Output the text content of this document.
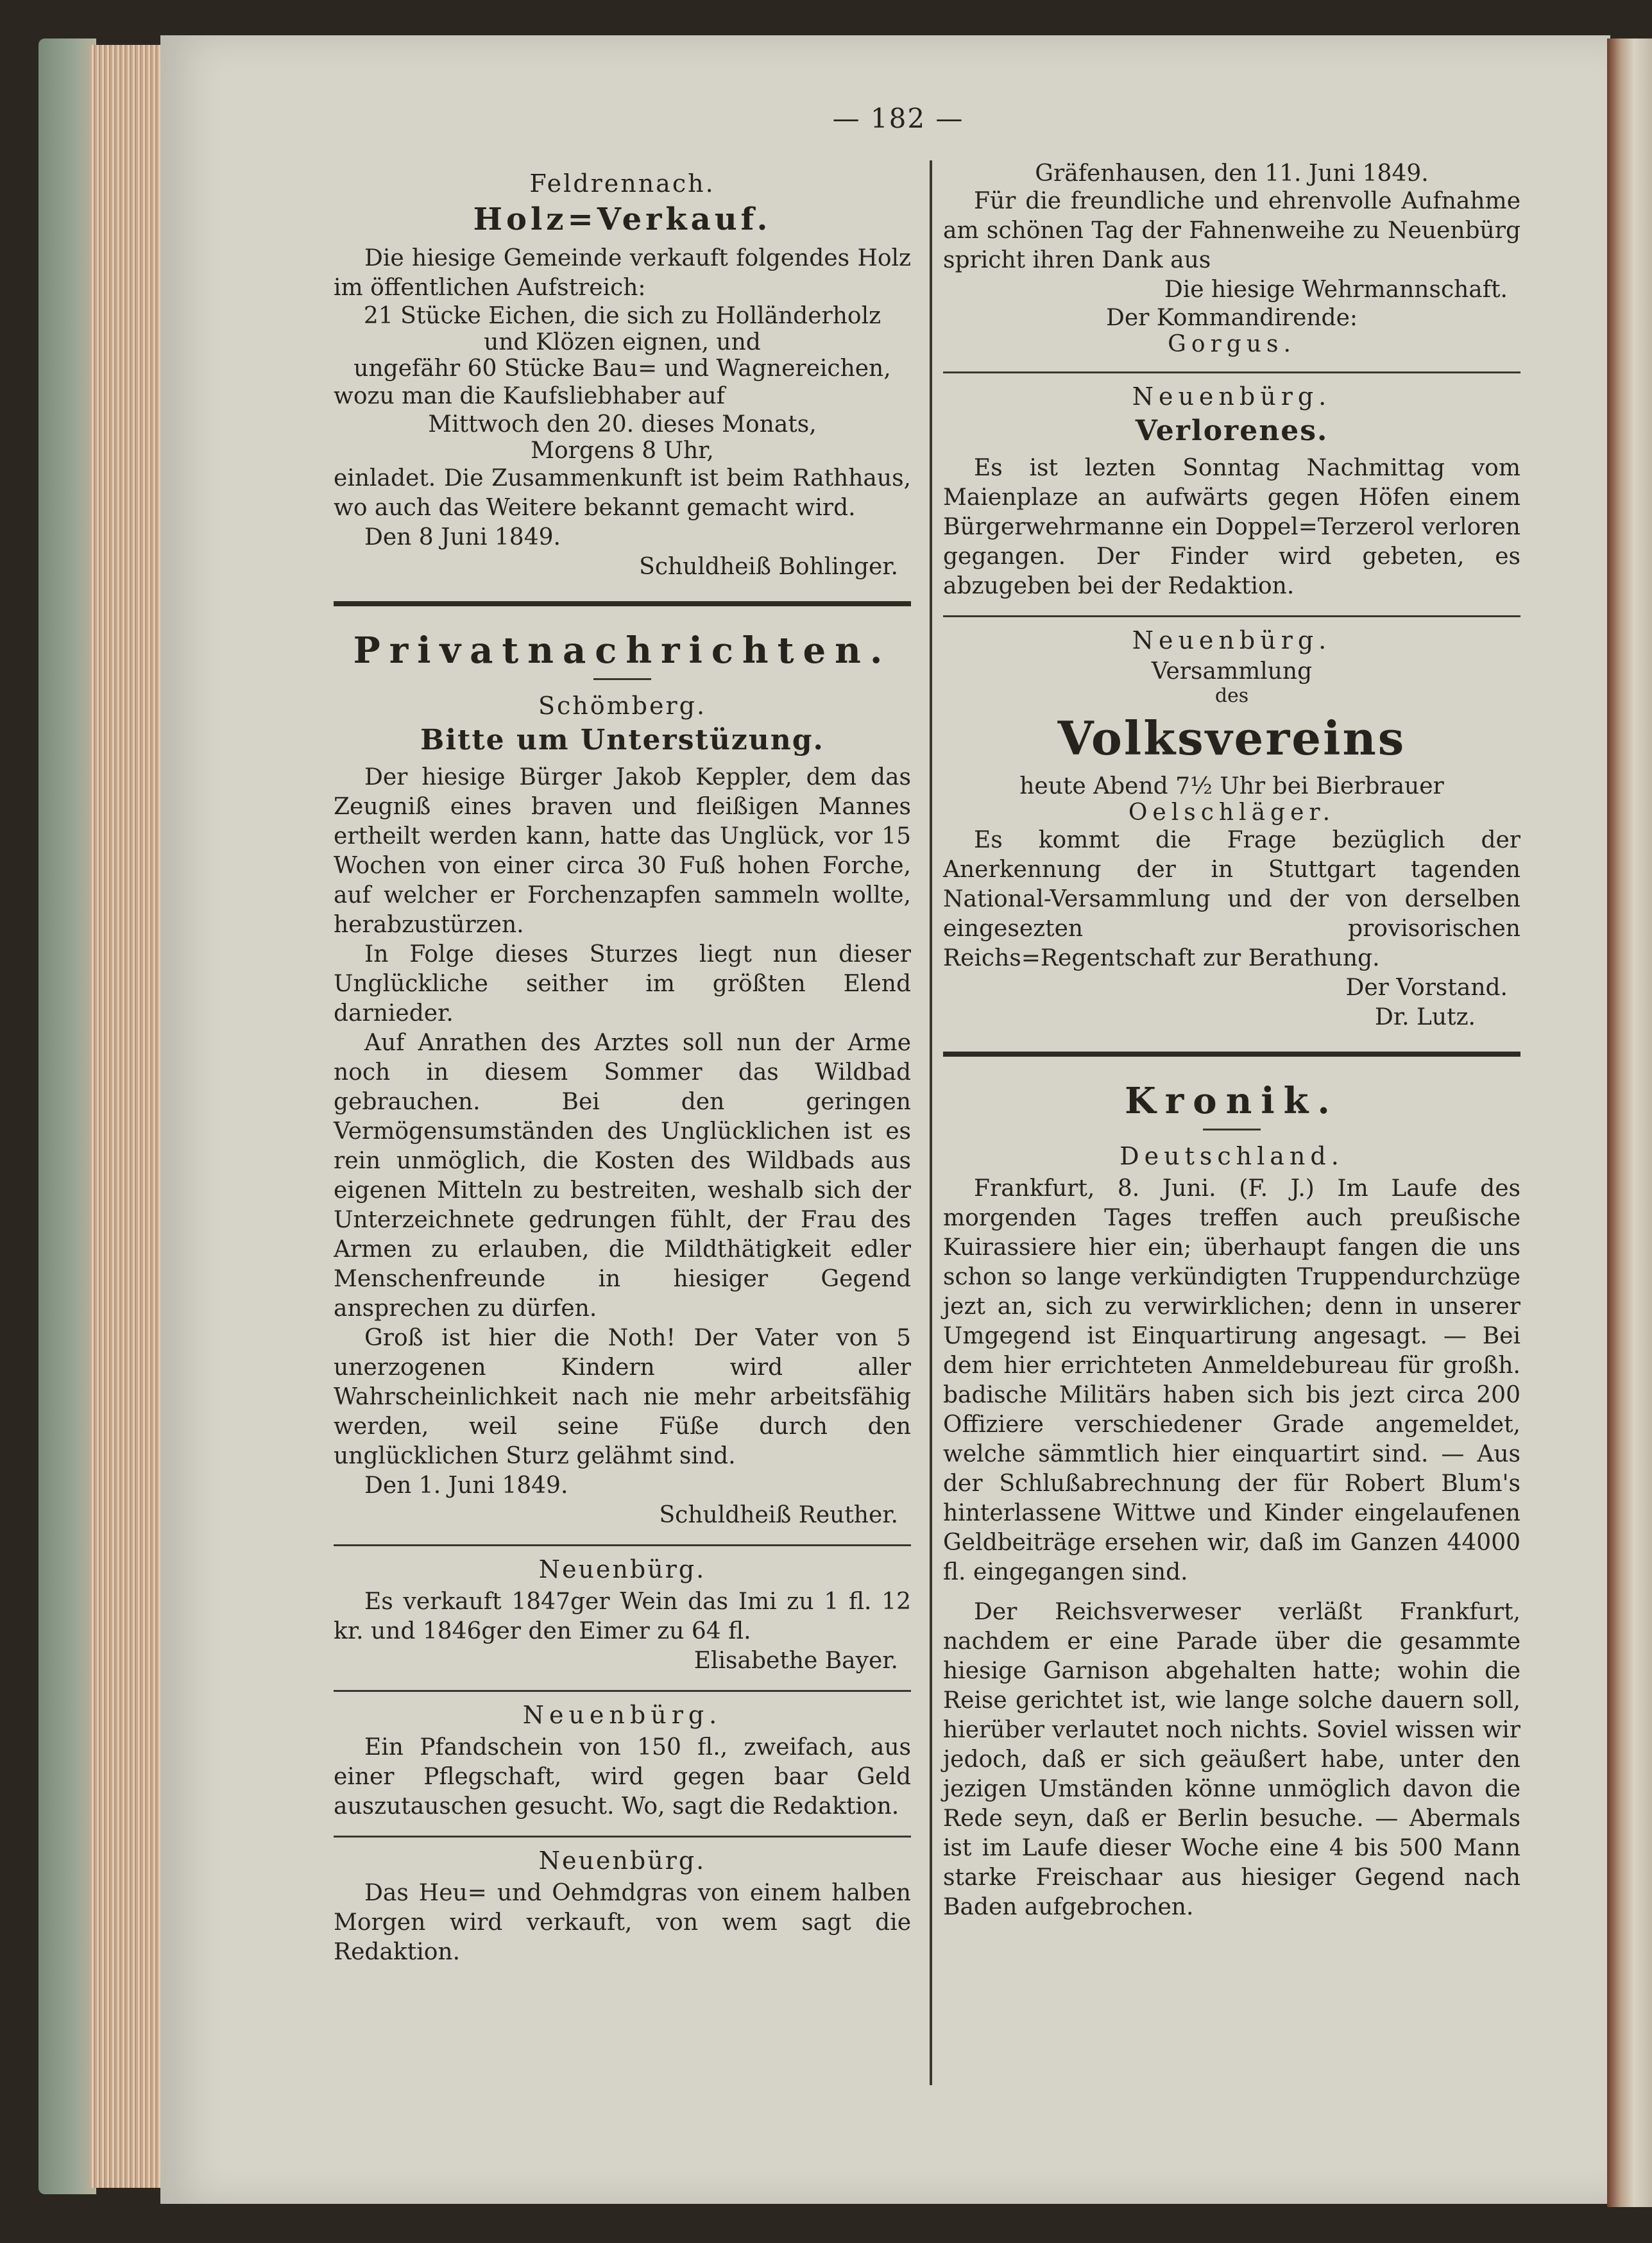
— 182 —
Feldrennach.
Holz=Verkauf.

Die hiesige Gemeinde verkauft folgendes Holz im öffentlichen Aufstreich:

21 Stücke Eichen, die sich zu Holländerholz

und Klözen eignen, und

ungefähr 60 Stücke Bau= und Wagnereichen,

wozu man die Kaufsliebhaber auf

Mittwoch den 20. dieses Monats,

Morgens 8 Uhr,

einladet. Die Zusammenkunft ist beim Rathhaus, wo auch das Weitere bekannt gemacht wird.

Den 8 Juni 1849.

Schuldheiß Bohlinger.

Privatnachrichten.
Schömberg.
Bitte um Unterstüzung.

Der hiesige Bürger Jakob Keppler, dem das Zeugniß eines braven und fleißigen Mannes ertheilt werden kann, hatte das Unglück, vor 15 Wochen von einer circa 30 Fuß hohen Forche, auf welcher er Forchenzapfen sammeln wollte, herabzustürzen.

In Folge dieses Sturzes liegt nun dieser Unglückliche seither im größten Elend darnieder.

Auf Anrathen des Arztes soll nun der Arme noch in diesem Sommer das Wildbad gebrauchen. Bei den geringen Vermögensumständen des Unglücklichen ist es rein unmöglich, die Kosten des Wildbads aus eigenen Mitteln zu bestreiten, weshalb sich der Unterzeichnete gedrungen fühlt, der Frau des Armen zu erlauben, die Mildthätigkeit edler Menschenfreunde in hiesiger Gegend ansprechen zu dürfen.

Groß ist hier die Noth! Der Vater von 5 unerzogenen Kindern wird aller Wahrscheinlichkeit nach nie mehr arbeitsfähig werden, weil seine Füße durch den unglücklichen Sturz gelähmt sind.

Den 1. Juni 1849.

Schuldheiß Reuther.

Neuenbürg.

Es verkauft 1847ger Wein das Imi zu 1 fl. 12 kr. und 1846ger den Eimer zu 64 fl.

Elisabethe Bayer.

Neuenbürg.

Ein Pfandschein von 150 fl., zweifach, aus einer Pflegschaft, wird gegen baar Geld auszutauschen gesucht. Wo, sagt die Redaktion.

Neuenbürg.

Das Heu= und Oehmdgras von einem halben Morgen wird verkauft, von wem sagt die Redaktion.

Gräfenhausen, den 11. Juni 1849.

Für die freundliche und ehrenvolle Aufnahme am schönen Tag der Fahnenweihe zu Neuenbürg spricht ihren Dank aus

Die hiesige Wehrmannschaft.

Der Kommandirende:

Gorgus.

Neuenbürg.
Verlorenes.

Es ist lezten Sonntag Nachmittag vom Maienplaze an aufwärts gegen Höfen einem Bürgerwehrmanne ein Doppel=Terzerol verloren gegangen. Der Finder wird gebeten, es abzugeben bei der Redaktion.

Neuenbürg.

Versammlung

des

Volksvereins

heute Abend 7½ Uhr bei Bierbrauer

Oelschläger.

Es kommt die Frage bezüglich der Anerkennung der in Stuttgart tagenden National-Versammlung und der von derselben eingesezten provisorischen Reichs=Regentschaft zur Berathung.

Der Vorstand.

Dr. Lutz.

Kronik.
Deutschland.

Frankfurt, 8. Juni. (F. J.) Im Laufe des morgenden Tages treffen auch preußische Kuirassiere hier ein; überhaupt fangen die uns schon so lange verkündigten Truppendurchzüge jezt an, sich zu verwirklichen; denn in unserer Umgegend ist Einquartirung angesagt. — Bei dem hier errichteten Anmeldebureau für großh. badische Militärs haben sich bis jezt circa 200 Offiziere verschiedener Grade angemeldet, welche sämmtlich hier einquartirt sind. — Aus der Schlußabrechnung der für Robert Blum's hinterlassene Wittwe und Kinder eingelaufenen Geldbeiträge ersehen wir, daß im Ganzen 44000 fl. eingegangen sind.

Der Reichsverweser verläßt Frankfurt, nachdem er eine Parade über die gesammte hiesige Garnison abgehalten hatte; wohin die Reise gerichtet ist, wie lange solche dauern soll, hierüber verlautet noch nichts. Soviel wissen wir jedoch, daß er sich geäußert habe, unter den jezigen Umständen könne unmöglich davon die Rede seyn, daß er Berlin besuche. — Abermals ist im Laufe dieser Woche eine 4 bis 500 Mann starke Freischaar aus hiesiger Gegend nach Baden aufgebrochen.
